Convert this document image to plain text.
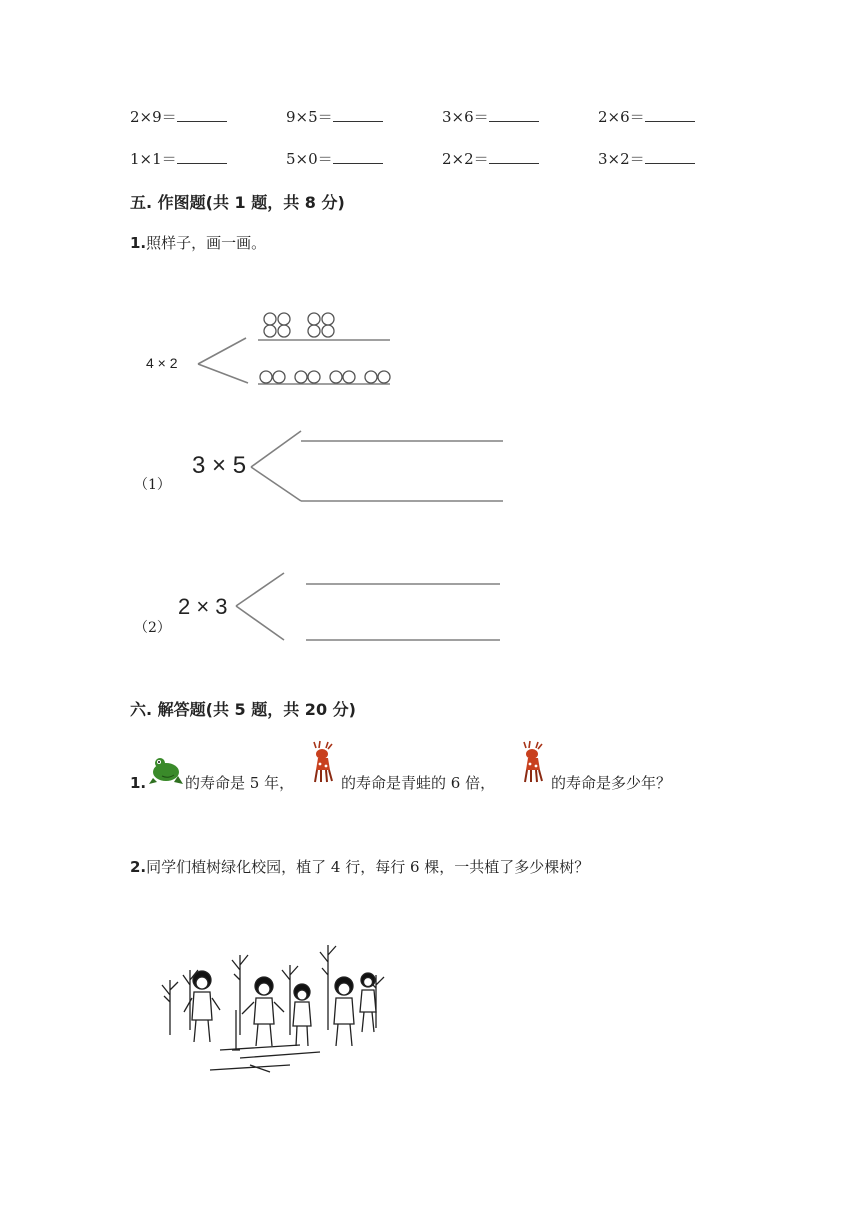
2×9＝	9×5＝	3×6＝	2×6＝
1×1＝	5×0＝	2×2＝	3×2＝
五. 作图题(共 1 题，共 8 分)
1.照样子，画一画。
4 × 2
（1）
3 × 5
（2）
2 × 3
六. 解答题(共 5 题，共 20 分)
1.	的寿命是 5 年，	的寿命是青蛙的 6 倍，	的寿命是多少年？
2.同学们植树绿化校园，植了 4 行，每行 6 棵，一共植了多少棵树？
